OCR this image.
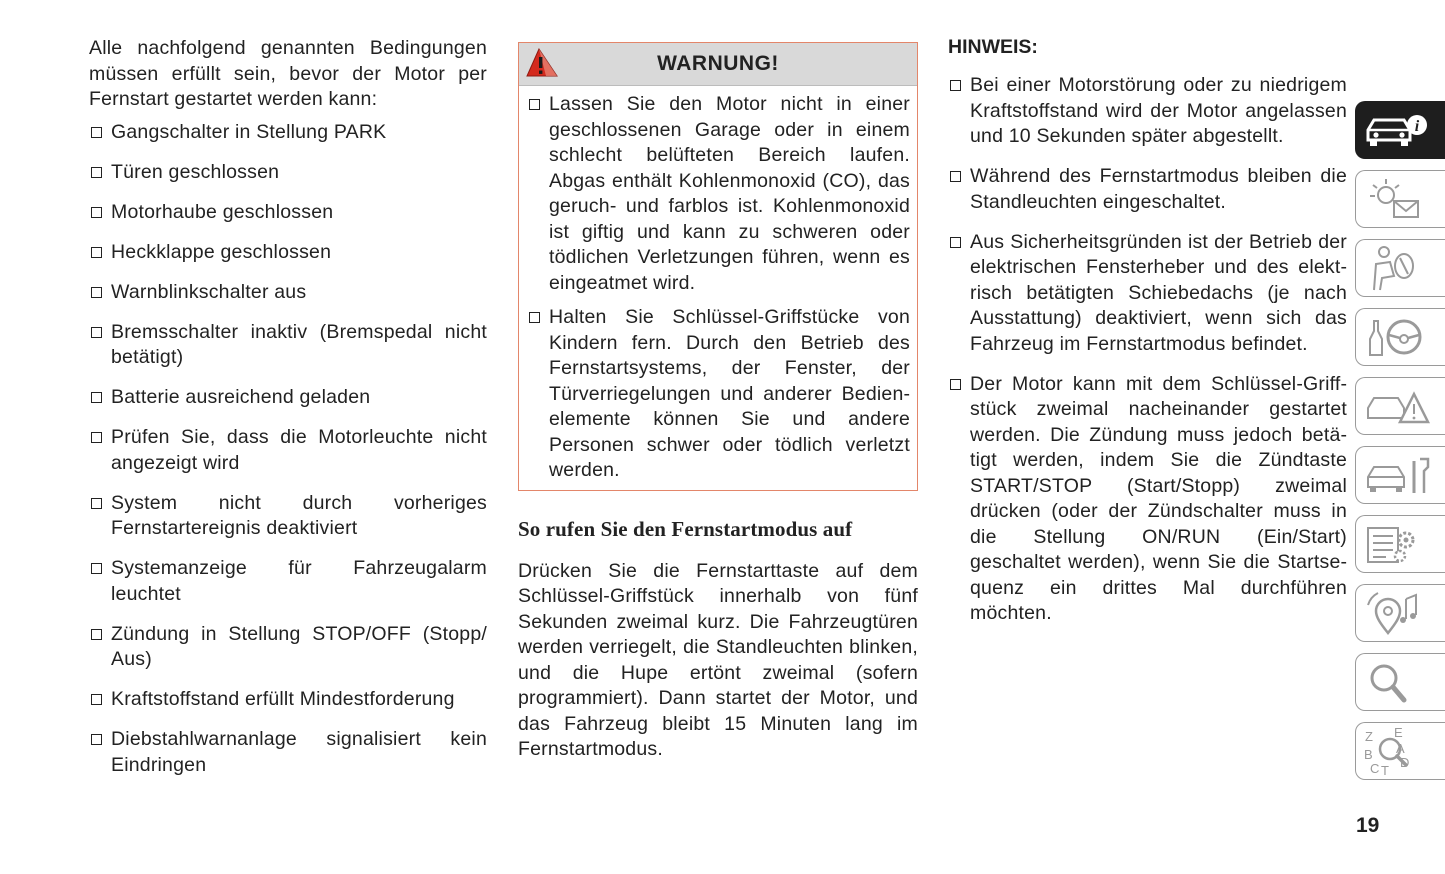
Alle nachfolgend genannten Bedingungen müssen erfüllt sein, bevor der Motor per Fernstart gestartet werden kann:

Gangschalter in Stellung PARK
Türen geschlossen
Motorhaube geschlossen
Heckklappe geschlossen
Warnblinkschalter aus
Bremsschalter inaktiv (Bremspedal nicht betätigt)
Batterie ausreichend geladen
Prüfen Sie, dass die Motorleuchte nicht angezeigt wird
System nicht durch vorheriges Fernstartereignis deaktiviert
Systemanzeige für Fahrzeugalarm leuchtet
Zündung in Stellung STOP/OFF (Stopp/ Aus)
Kraftstoffstand erfüllt Mindestforderung
Diebstahlwarnanlage signalisiert kein Eindringen
WARNUNG!
Lassen Sie den Motor nicht in einer geschlossenen Garage oder in einem schlecht belüfteten Bereich laufen. Abgas enthält Kohlenmonoxid (CO), das geruch- und farblos ist. Kohlenmonoxid ist giftig und kann zu schweren oder tödlichen Verletzungen führen, wenn es eingeatmet wird.
Halten Sie Schlüssel-Griffstücke von Kindern fern. Durch den Betrieb des Fernstartsystems, der Fenster, der Türverriegelungen und anderer Bedienelemente können Sie und andere Personen schwer oder tödlich verletzt werden.
So rufen Sie den Fernstartmodus auf

Drücken Sie die Fernstarttaste auf dem Schlüssel-Griffstück innerhalb von fünf Sekunden zweimal kurz. Die Fahrzeugtüren werden verriegelt, die Standleuchten blinken, und die Hupe ertönt zweimal (sofern programmiert). Dann startet der Motor, und das Fahrzeug bleibt 15 Minuten lang im Fernstartmodus.

HINWEIS:
Bei einer Motorstörung oder zu niedrigem Kraftstoffstand wird der Motor angelassen und 10 Sekunden später abgestellt.
Während des Fernstartmodus bleiben die Standleuchten eingeschaltet.
Aus Sicherheitsgründen ist der Betrieb der elektrischen Fensterheber und des elektrisch betätigten Schiebedachs (je nach Ausstattung) deaktiviert, wenn sich das Fahrzeug im Fernstartmodus befindet.
Der Motor kann mit dem Schlüssel-Griffstück zweimal nacheinander gestartet werden. Die Zündung muss jedoch betätigt werden, indem Sie die Zündtaste START/STOP (Start/Stopp) zweimal drücken (oder der Zündschalter muss in die Stellung ON/RUN (Ein/Start) geschaltet werden), wenn Sie die Startsequenz ein drittes Mal durchführen möchten.
i
Z E
B A
C T
D
19
